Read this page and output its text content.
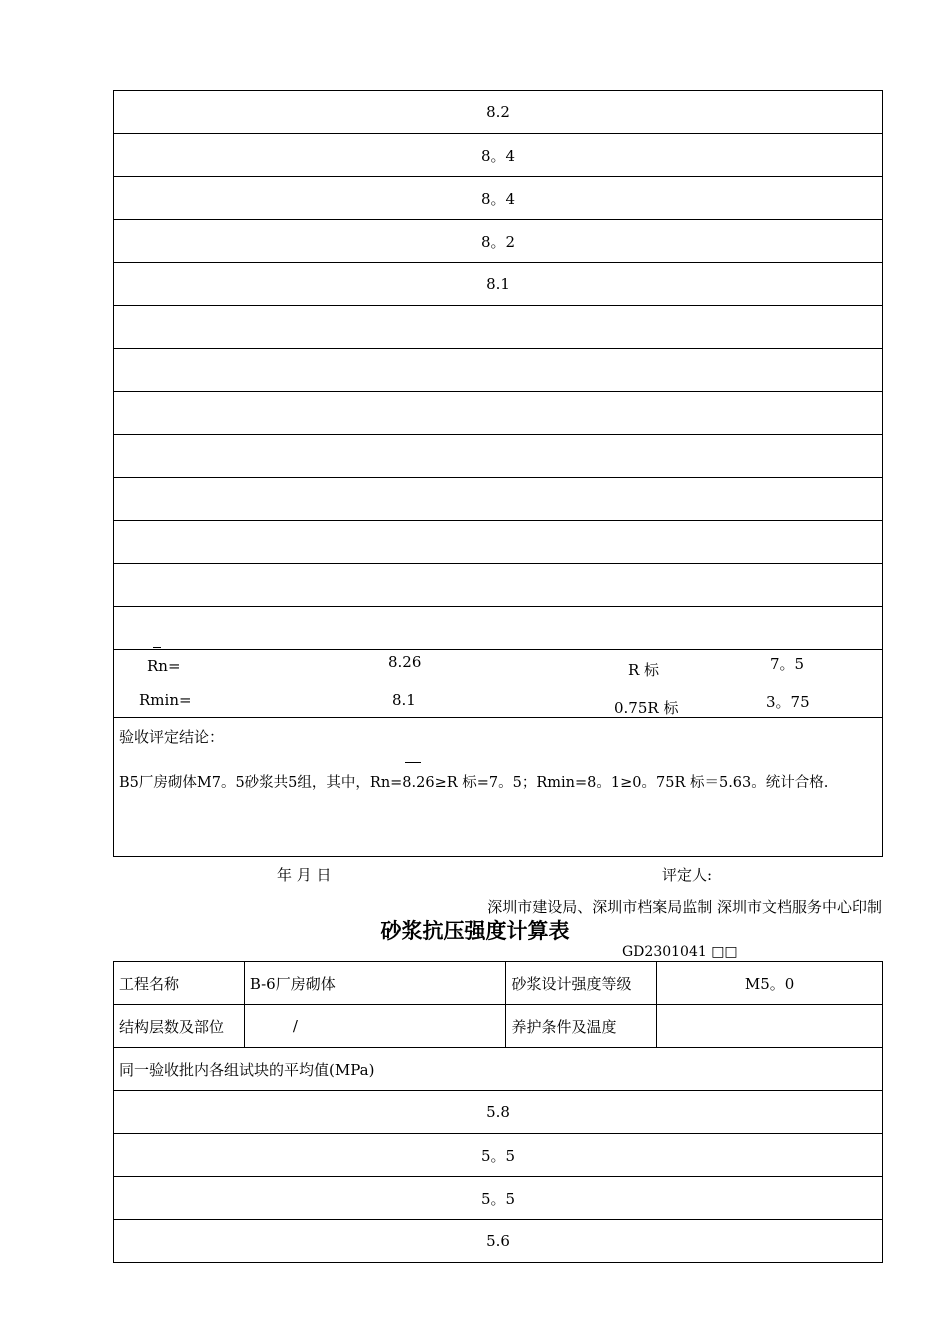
8.2
8。4
8。4
8。2
8.1

Rn=	8.26	R 标	7。5
Rmin=	8.1	0.75R 标	3。75
验收评定结论：
B5厂房砌体M7。5砂浆共5组，其中，Rn=8.26≥R 标=7。5；Rmin=8。1≥0。75R 标＝5.63。统计合格.
年 月 日	评定人:
深圳市建设局、深圳市档案局监制 深圳市文档服务中心印制
砂浆抗压强度计算表
GD2301041 □□
工程名称	B-6厂房砌体	砂浆设计强度等级	M5。0
结构层数及部位	/	养护条件及温度	
同一验收批内各组试块的平均值(MPa)			
5.8			
5。5			
5。5			
5.6			
